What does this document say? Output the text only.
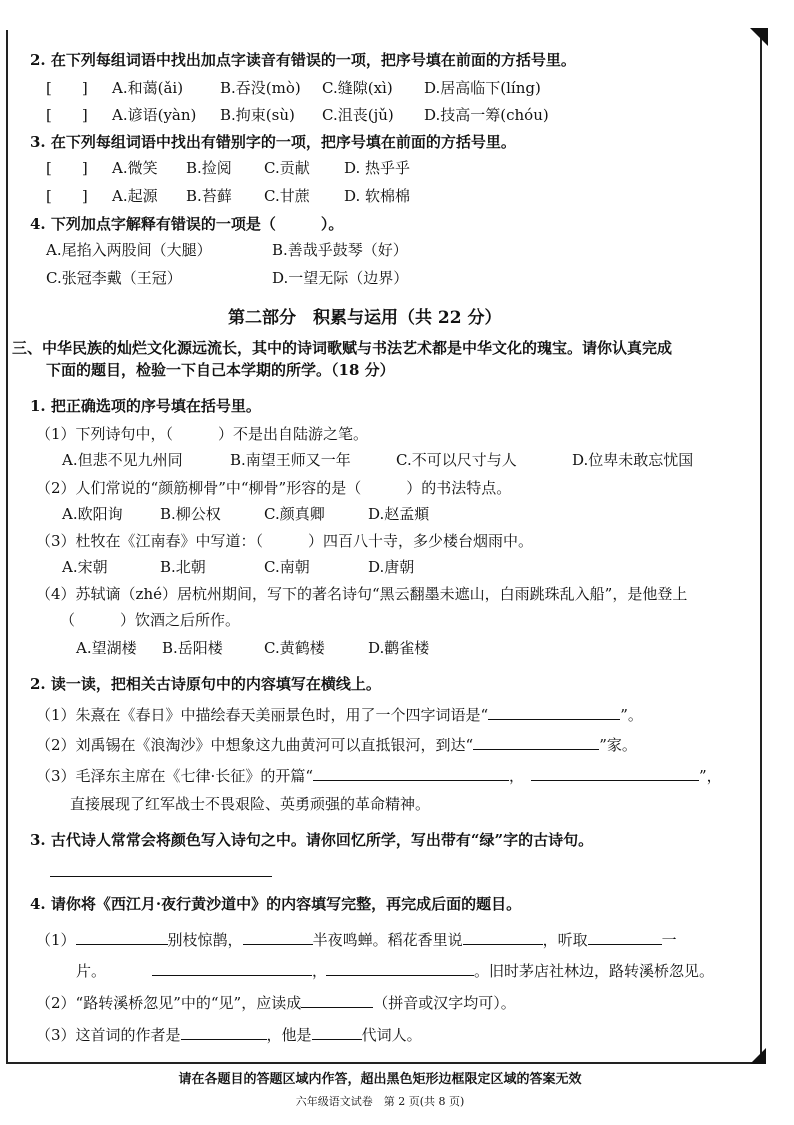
2. 在下列每组词语中找出加点字读音有错误的一项，把序号填在前面的方括号里。
[　　] A.和蔼(ǎi) B.吞没(mò) C.缝隙(xì) D.居高临下(líng)
[　　] A.谚语(yàn) B.拘束(sù) C.沮丧(jǔ) D.技高一筹(chóu)
3. 在下列每组词语中找出有错别字的一项，把序号填在前面的方括号里。
[　　] A.微笑 B.捡阅 C.贡献 D. 热乎乎
[　　] A.起源 B.苔藓 C.甘蔗 D. 软棉棉
4. 下列加点字解释有错误的一项是（　　　）。
A.尾掐入两股间（大腿）	B.善哉乎鼓琴（好）
C.张冠李戴（王冠）	D.一望无际（边界）
第二部分　积累与运用（共 22 分）
三、中华民族的灿烂文化源远流长，其中的诗词歌赋与书法艺术都是中华文化的瑰宝。请你认真完成
下面的题目，检验一下自己本学期的所学。（18 分）
1. 把正确选项的序号填在括号里。
（1）下列诗句中，（　　　）不是出自陆游之笔。
A.但悲不见九州同	B.南望王师又一年	C.不可以尺寸与人	D.位卑未敢忘忧国
（2）人们常说的“颜筋柳骨”中“柳骨”形容的是（　　　）的书法特点。
A.欧阳询 B.柳公权	C.颜真卿	D.赵孟頫
（3）杜牧在《江南春》中写道：（　　　）四百八十寺，多少楼台烟雨中。
A.宋朝	B.北朝	C.南朝	D.唐朝
（4）苏轼谪（zhé）居杭州期间，写下的著名诗句“黑云翻墨未遮山，白雨跳珠乱入船”，是他登上
（　　　）饮酒之后所作。
A.望湖楼 B.岳阳楼	C.黄鹤楼	D.鹳雀楼
2. 读一读，把相关古诗原句中的内容填写在横线上。
（1）朱熹在《春日》中描绘春天美丽景色时，用了一个四字词语是“	”。
（2）刘禹锡在《浪淘沙》中想象这九曲黄河可以直抵银河，到达“	”家。
（3）毛泽东主席在《七律·长征》的开篇“	，	”，
直接展现了红军战士不畏艰险、英勇顽强的革命精神。
3. 古代诗人常常会将颜色写入诗句之中。请你回忆所学，写出带有“绿”字的古诗句。
4. 请你将《西江月·夜行黄沙道中》的内容填写完整，再完成后面的题目。
（1）	别枝惊鹊，	半夜鸣蝉。稻花香里说	，听取	一
片。	，	。旧时茅店社林边，路转溪桥忽见。
（2）“路转溪桥忽见”中的“见”，应读成	（拼音或汉字均可）。
（3）这首词的作者是	，他是	代词人。
请在各题目的答题区域内作答，超出黑色矩形边框限定区域的答案无效
六年级语文试卷　第 2 页(共 8 页)
